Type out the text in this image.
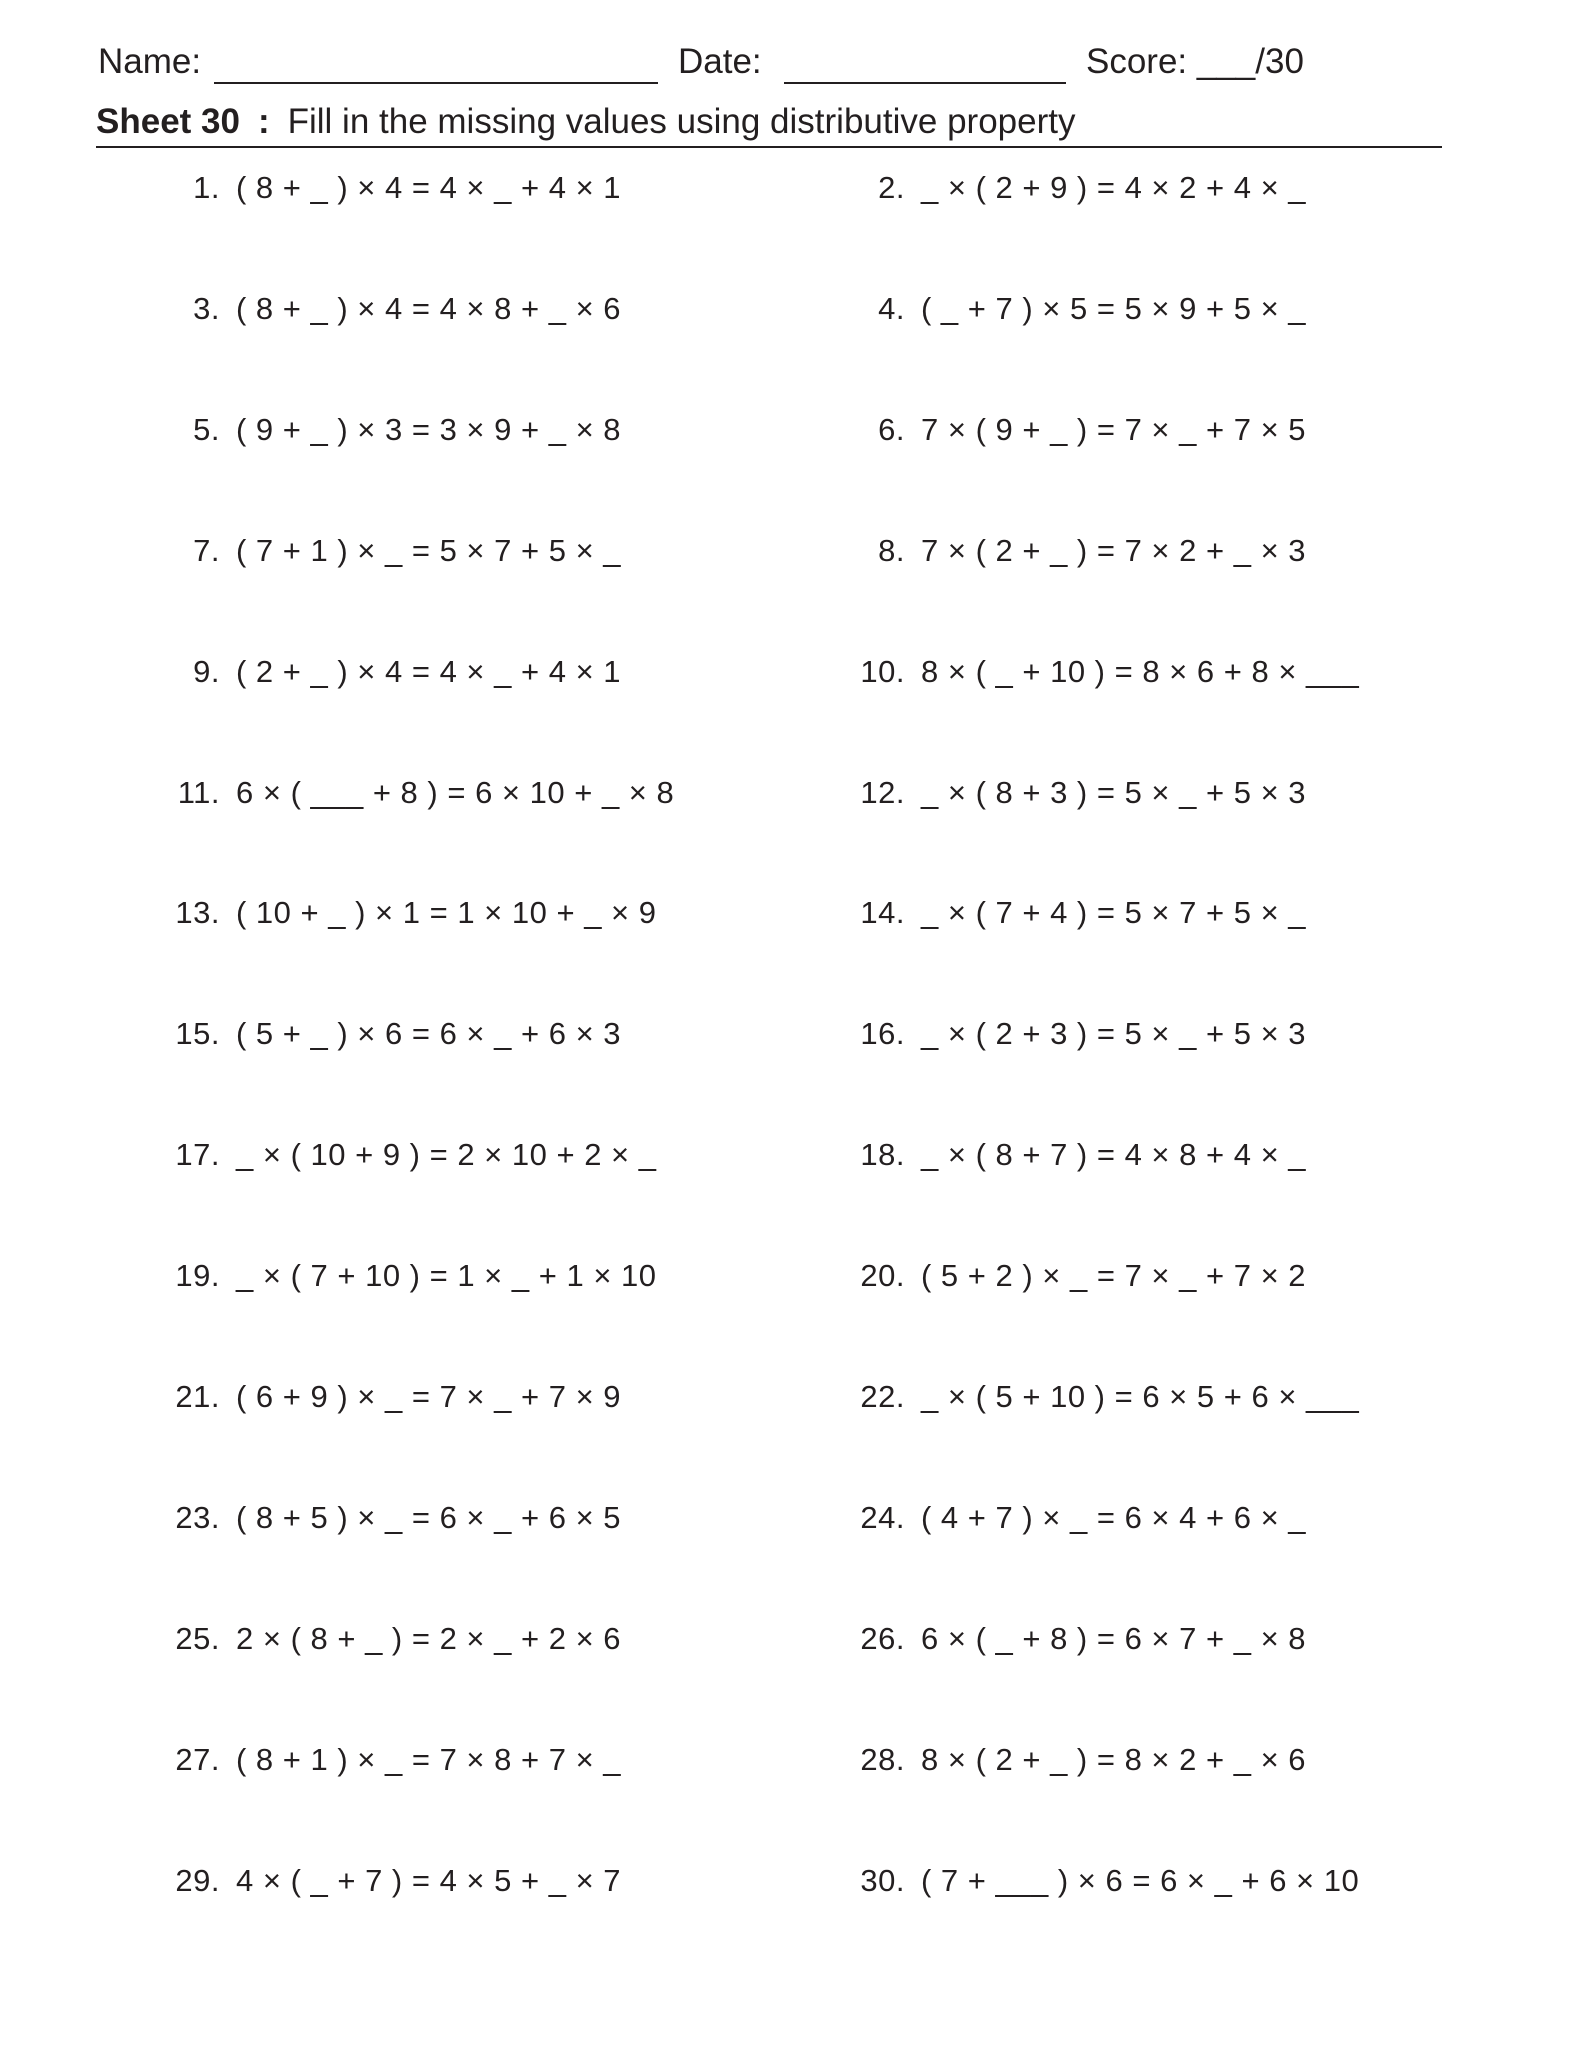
Name:	Date:	Score: ___/30
Sheet 30 : Fill in the missing values using distributive property
1. ( 8 + _ ) × 4 = 4 × _ + 4 × 1	2. _ × ( 2 + 9 ) = 4 × 2 + 4 × _
3. ( 8 + _ ) × 4 = 4 × 8 + _ × 6	4. ( _ + 7 ) × 5 = 5 × 9 + 5 × _
5. ( 9 + _ ) × 3 = 3 × 9 + _ × 8	6. 7 × ( 9 + _ ) = 7 × _ + 7 × 5
7. ( 7 + 1 ) × _ = 5 × 7 + 5 × _	8. 7 × ( 2 + _ ) = 7 × 2 + _ × 3
9. ( 2 + _ ) × 4 = 4 × _ + 4 × 1	10. 8 × ( _ + 10 ) = 8 × 6 + 8 × ___
11. 6 × ( ___ + 8 ) = 6 × 10 + _ × 8	12. _ × ( 8 + 3 ) = 5 × _ + 5 × 3
13. ( 10 + _ ) × 1 = 1 × 10 + _ × 9	14. _ × ( 7 + 4 ) = 5 × 7 + 5 × _
15. ( 5 + _ ) × 6 = 6 × _ + 6 × 3	16. _ × ( 2 + 3 ) = 5 × _ + 5 × 3
17. _ × ( 10 + 9 ) = 2 × 10 + 2 × _	18. _ × ( 8 + 7 ) = 4 × 8 + 4 × _
19. _ × ( 7 + 10 ) = 1 × _ + 1 × 10	20. ( 5 + 2 ) × _ = 7 × _ + 7 × 2
21. ( 6 + 9 ) × _ = 7 × _ + 7 × 9	22. _ × ( 5 + 10 ) = 6 × 5 + 6 × ___
23. ( 8 + 5 ) × _ = 6 × _ + 6 × 5	24. ( 4 + 7 ) × _ = 6 × 4 + 6 × _
25. 2 × ( 8 + _ ) = 2 × _ + 2 × 6	26. 6 × ( _ + 8 ) = 6 × 7 + _ × 8
27. ( 8 + 1 ) × _ = 7 × 8 + 7 × _	28. 8 × ( 2 + _ ) = 8 × 2 + _ × 6
29. 4 × ( _ + 7 ) = 4 × 5 + _ × 7	30. ( 7 + ___ ) × 6 = 6 × _ + 6 × 10
